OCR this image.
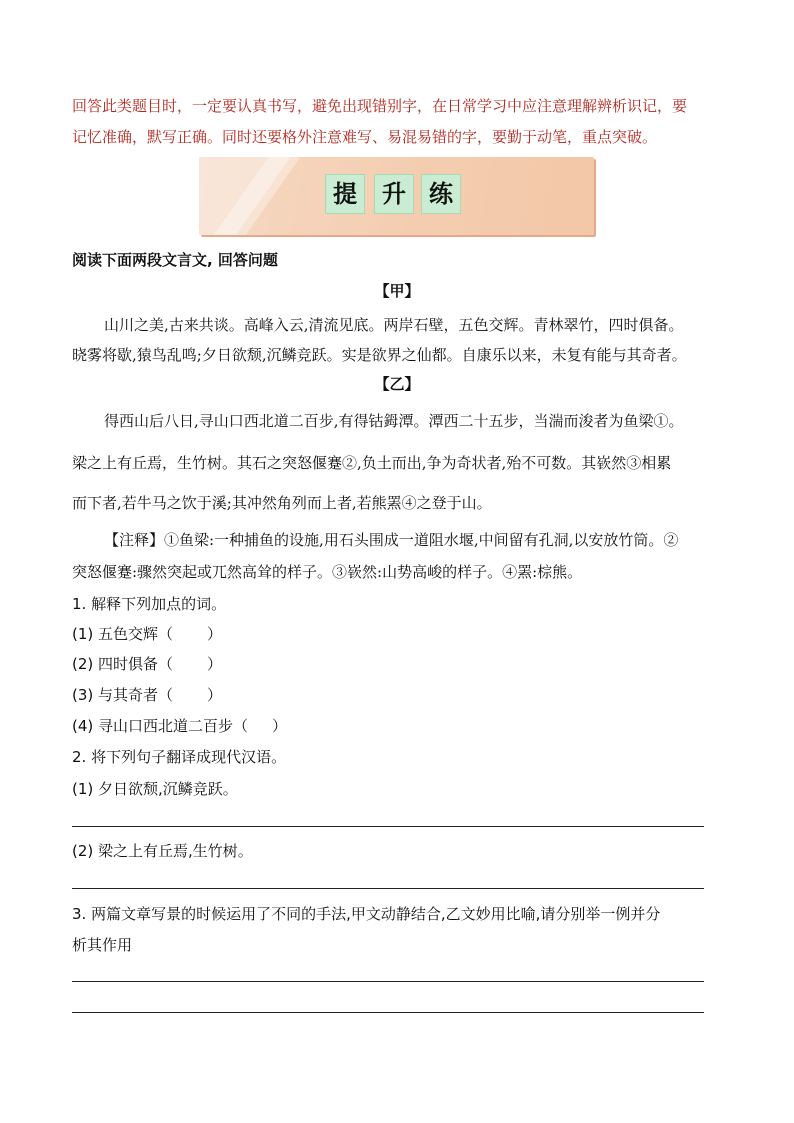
回答此类题目时，一定要认真书写，避免出现错别字，在日常学习中应注意理解辨析识记，要
记忆准确，默写正确。同时还要格外注意难写、易混易错的字，要勤于动笔，重点突破。
提	升 练
阅读下面两段文言文, 回答问题
【甲】
山川之美,古来共谈。高峰入云,清流见底。两岸石壁，五色交辉。青林翠竹，四时俱备。
晓雾将歇,猿鸟乱鸣;夕日欲颓,沉鳞竞跃。实是欲界之仙都。自康乐以来，未复有能与其奇者。
【乙】
得西山后八日,寻山口西北道二百步,有得钴鉧潭。潭西二十五步，当湍而浚者为鱼梁①。
梁之上有丘焉，生竹树。其石之突怒偃蹇②,负土而出,争为奇状者,殆不可数。其嵚然③相累
而下者,若牛马之饮于溪;其冲然角列而上者,若熊罴④之登于山。
【注释】①鱼梁:一种捕鱼的设施,用石头围成一道阻水堰,中间留有孔洞,以安放竹筒。②
突怒偃蹇:骤然突起或兀然高耸的样子。③嵚然:山势高峻的样子。④罴:棕熊。
1. 解释下列加点的词。
(1) 五色交辉（ ）
(2) 四时俱备（ ）
(3) 与其奇者（ ）
(4) 寻山口西北道二百步（ ）
2. 将下列句子翻译成现代汉语。
(1) 夕日欲颓,沉鳞竞跃。
(2) 梁之上有丘焉,生竹树。
3. 两篇文章写景的时候运用了不同的手法,甲文动静结合,乙文妙用比喻,请分别举一例并分
析其作用
